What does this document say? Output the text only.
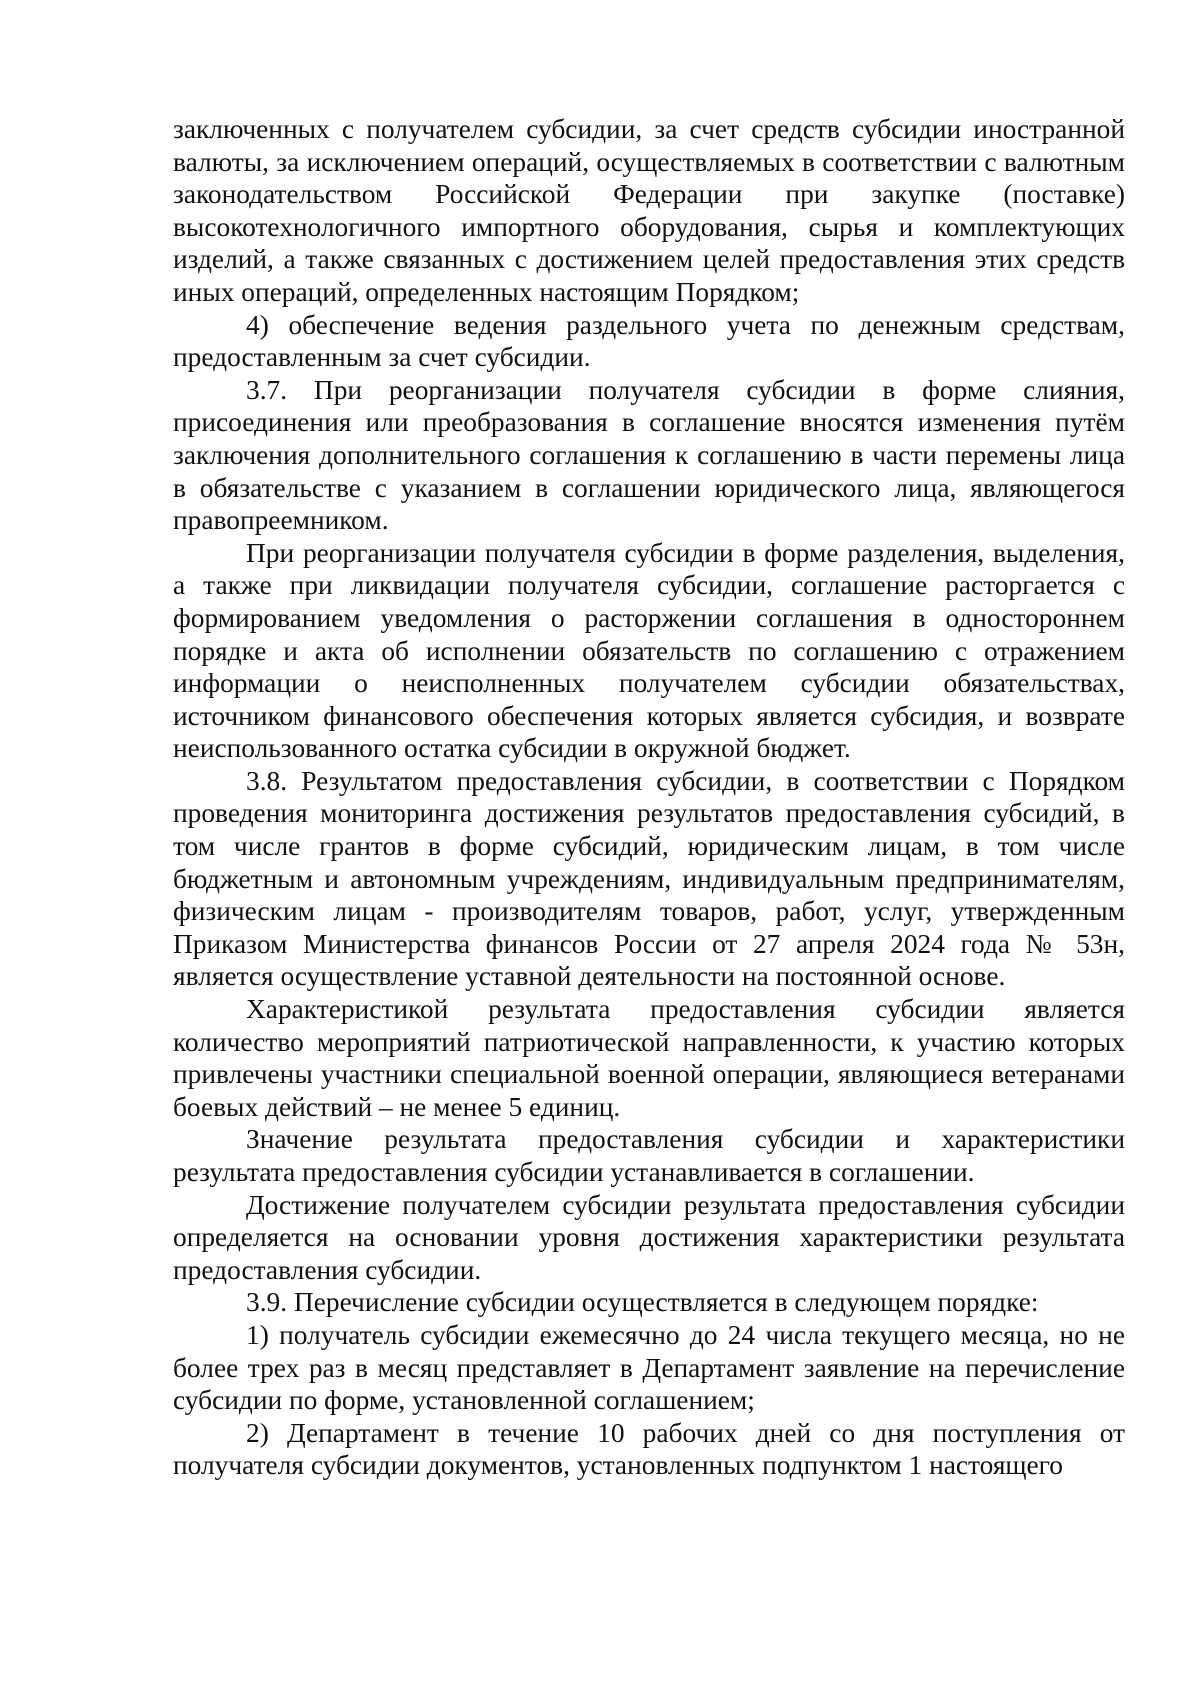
заключенных с получателем субсидии, за счет средств субсидии иностранной валюты, за исключением операций, осуществляемых в соответствии с валютным законодательством Российской Федерации при закупке (поставке) высокотехнологичного импортного оборудования, сырья и комплектующих изделий, а также связанных с достижением целей предоставления этих средств иных операций, определенных настоящим Порядком;

4) обеспечение ведения раздельного учета по денежным средствам, предоставленным за счет субсидии.

3.7. При реорганизации получателя субсидии в форме слияния, присоединения или преобразования в соглашение вносятся изменения путём заключения дополнительного соглашения к соглашению в части перемены лица в обязательстве с указанием в соглашении юридического лица, являющегося правопреемником.

При реорганизации получателя субсидии в форме разделения, выделения, а также при ликвидации получателя субсидии, соглашение расторгается с формированием уведомления о расторжении соглашения в одностороннем порядке и акта об исполнении обязательств по соглашению с отражением информации о неисполненных получателем субсидии обязательствах, источником финансового обеспечения которых является субсидия, и возврате неиспользованного остатка субсидии в окружной бюджет.

3.8. Результатом предоставления субсидии, в соответствии с Порядком проведения мониторинга достижения результатов предоставления субсидий, в том числе грантов в форме субсидий, юридическим лицам, в том числе бюджетным и автономным учреждениям, индивидуальным предпринимателям, физическим лицам - производителям товаров, работ, услуг, утвержденным Приказом Министерства финансов России от 27 апреля 2024 года № 53н, является осуществление уставной деятельности на постоянной основе.

Характеристикой результата предоставления субсидии является количество мероприятий патриотической направленности, к участию которых привлечены участники специальной военной операции, являющиеся ветеранами боевых действий – не менее 5 единиц.

Значение результата предоставления субсидии и характеристики результата предоставления субсидии устанавливается в соглашении.

Достижение получателем субсидии результата предоставления субсидии определяется на основании уровня достижения характеристики результата предоставления субсидии.

3.9. Перечисление субсидии осуществляется в следующем порядке:

1) получатель субсидии ежемесячно до 24 числа текущего месяца, но не более трех раз в месяц представляет в Департамент заявление на перечисление субсидии по форме, установленной соглашением;

2) Департамент в течение 10 рабочих дней со дня поступления от получателя субсидии документов, установленных подпунктом 1 настоящего
